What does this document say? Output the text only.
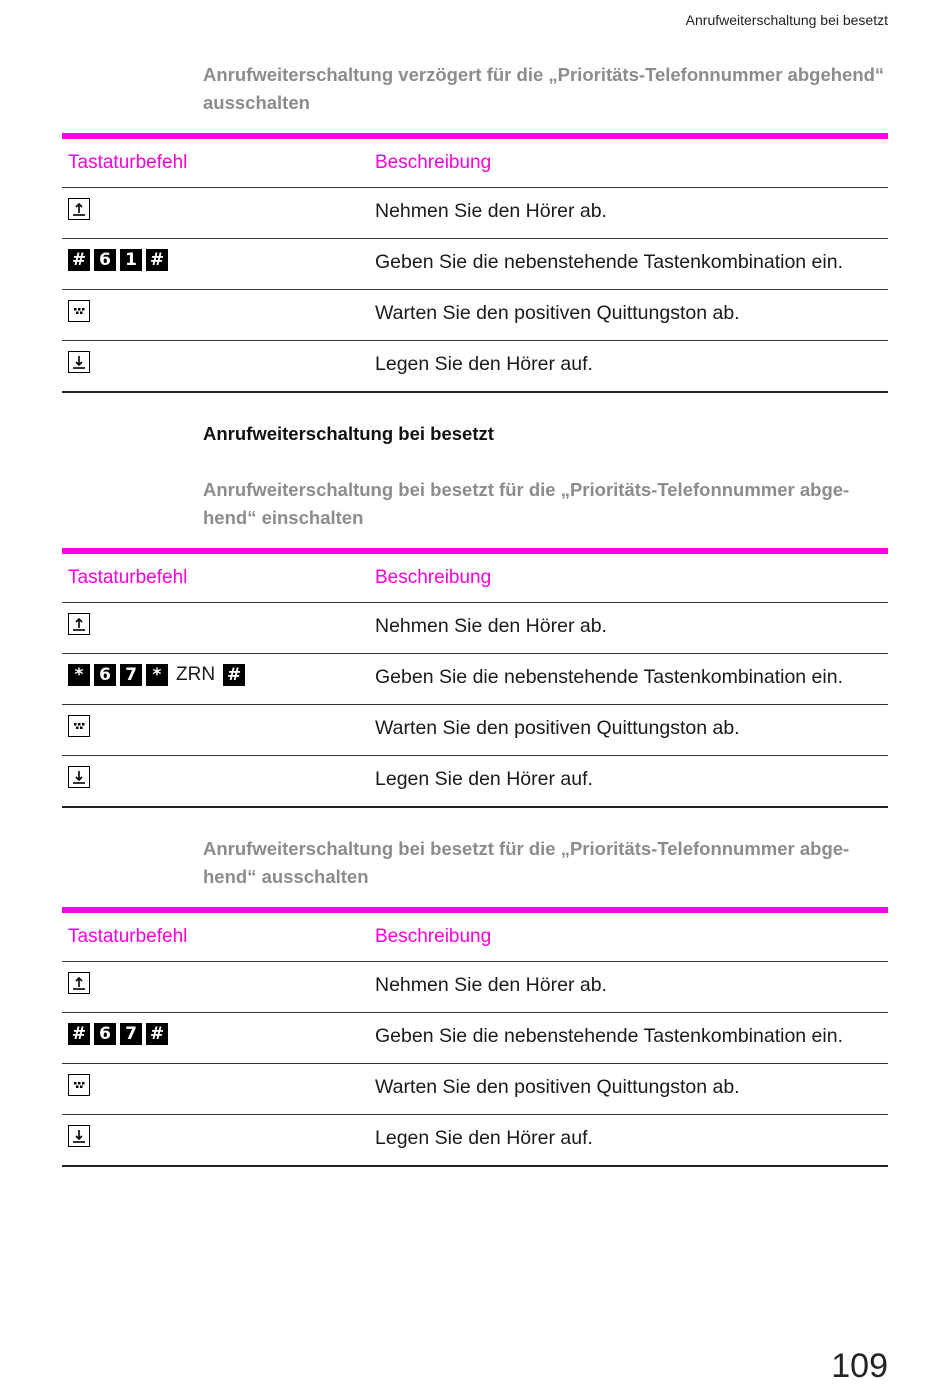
Anrufweiterschaltung bei besetzt
Anrufweiterschaltung verzögert für die „Prioritäts-Telefonnummer abgehend“
ausschalten
Tastaturbefehl	Beschreibung
Nehmen Sie den Hörer ab.
# 6 1 #	Geben Sie die nebenstehende Tastenkombination ein.
Warten Sie den positiven Quittungston ab.
Legen Sie den Hörer auf.
Anrufweiterschaltung bei besetzt
Anrufweiterschaltung bei besetzt für die „Prioritäts-Telefonnummer abge-
hend“ einschalten
Tastaturbefehl	Beschreibung
Nehmen Sie den Hörer ab.
* 6 7 * ZRN #	Geben Sie die nebenstehende Tastenkombination ein.
Warten Sie den positiven Quittungston ab.
Legen Sie den Hörer auf.
Anrufweiterschaltung bei besetzt für die „Prioritäts-Telefonnummer abge-
hend“ ausschalten
Tastaturbefehl	Beschreibung
Nehmen Sie den Hörer ab.
# 6 7 #	Geben Sie die nebenstehende Tastenkombination ein.
Warten Sie den positiven Quittungston ab.
Legen Sie den Hörer auf.
109
